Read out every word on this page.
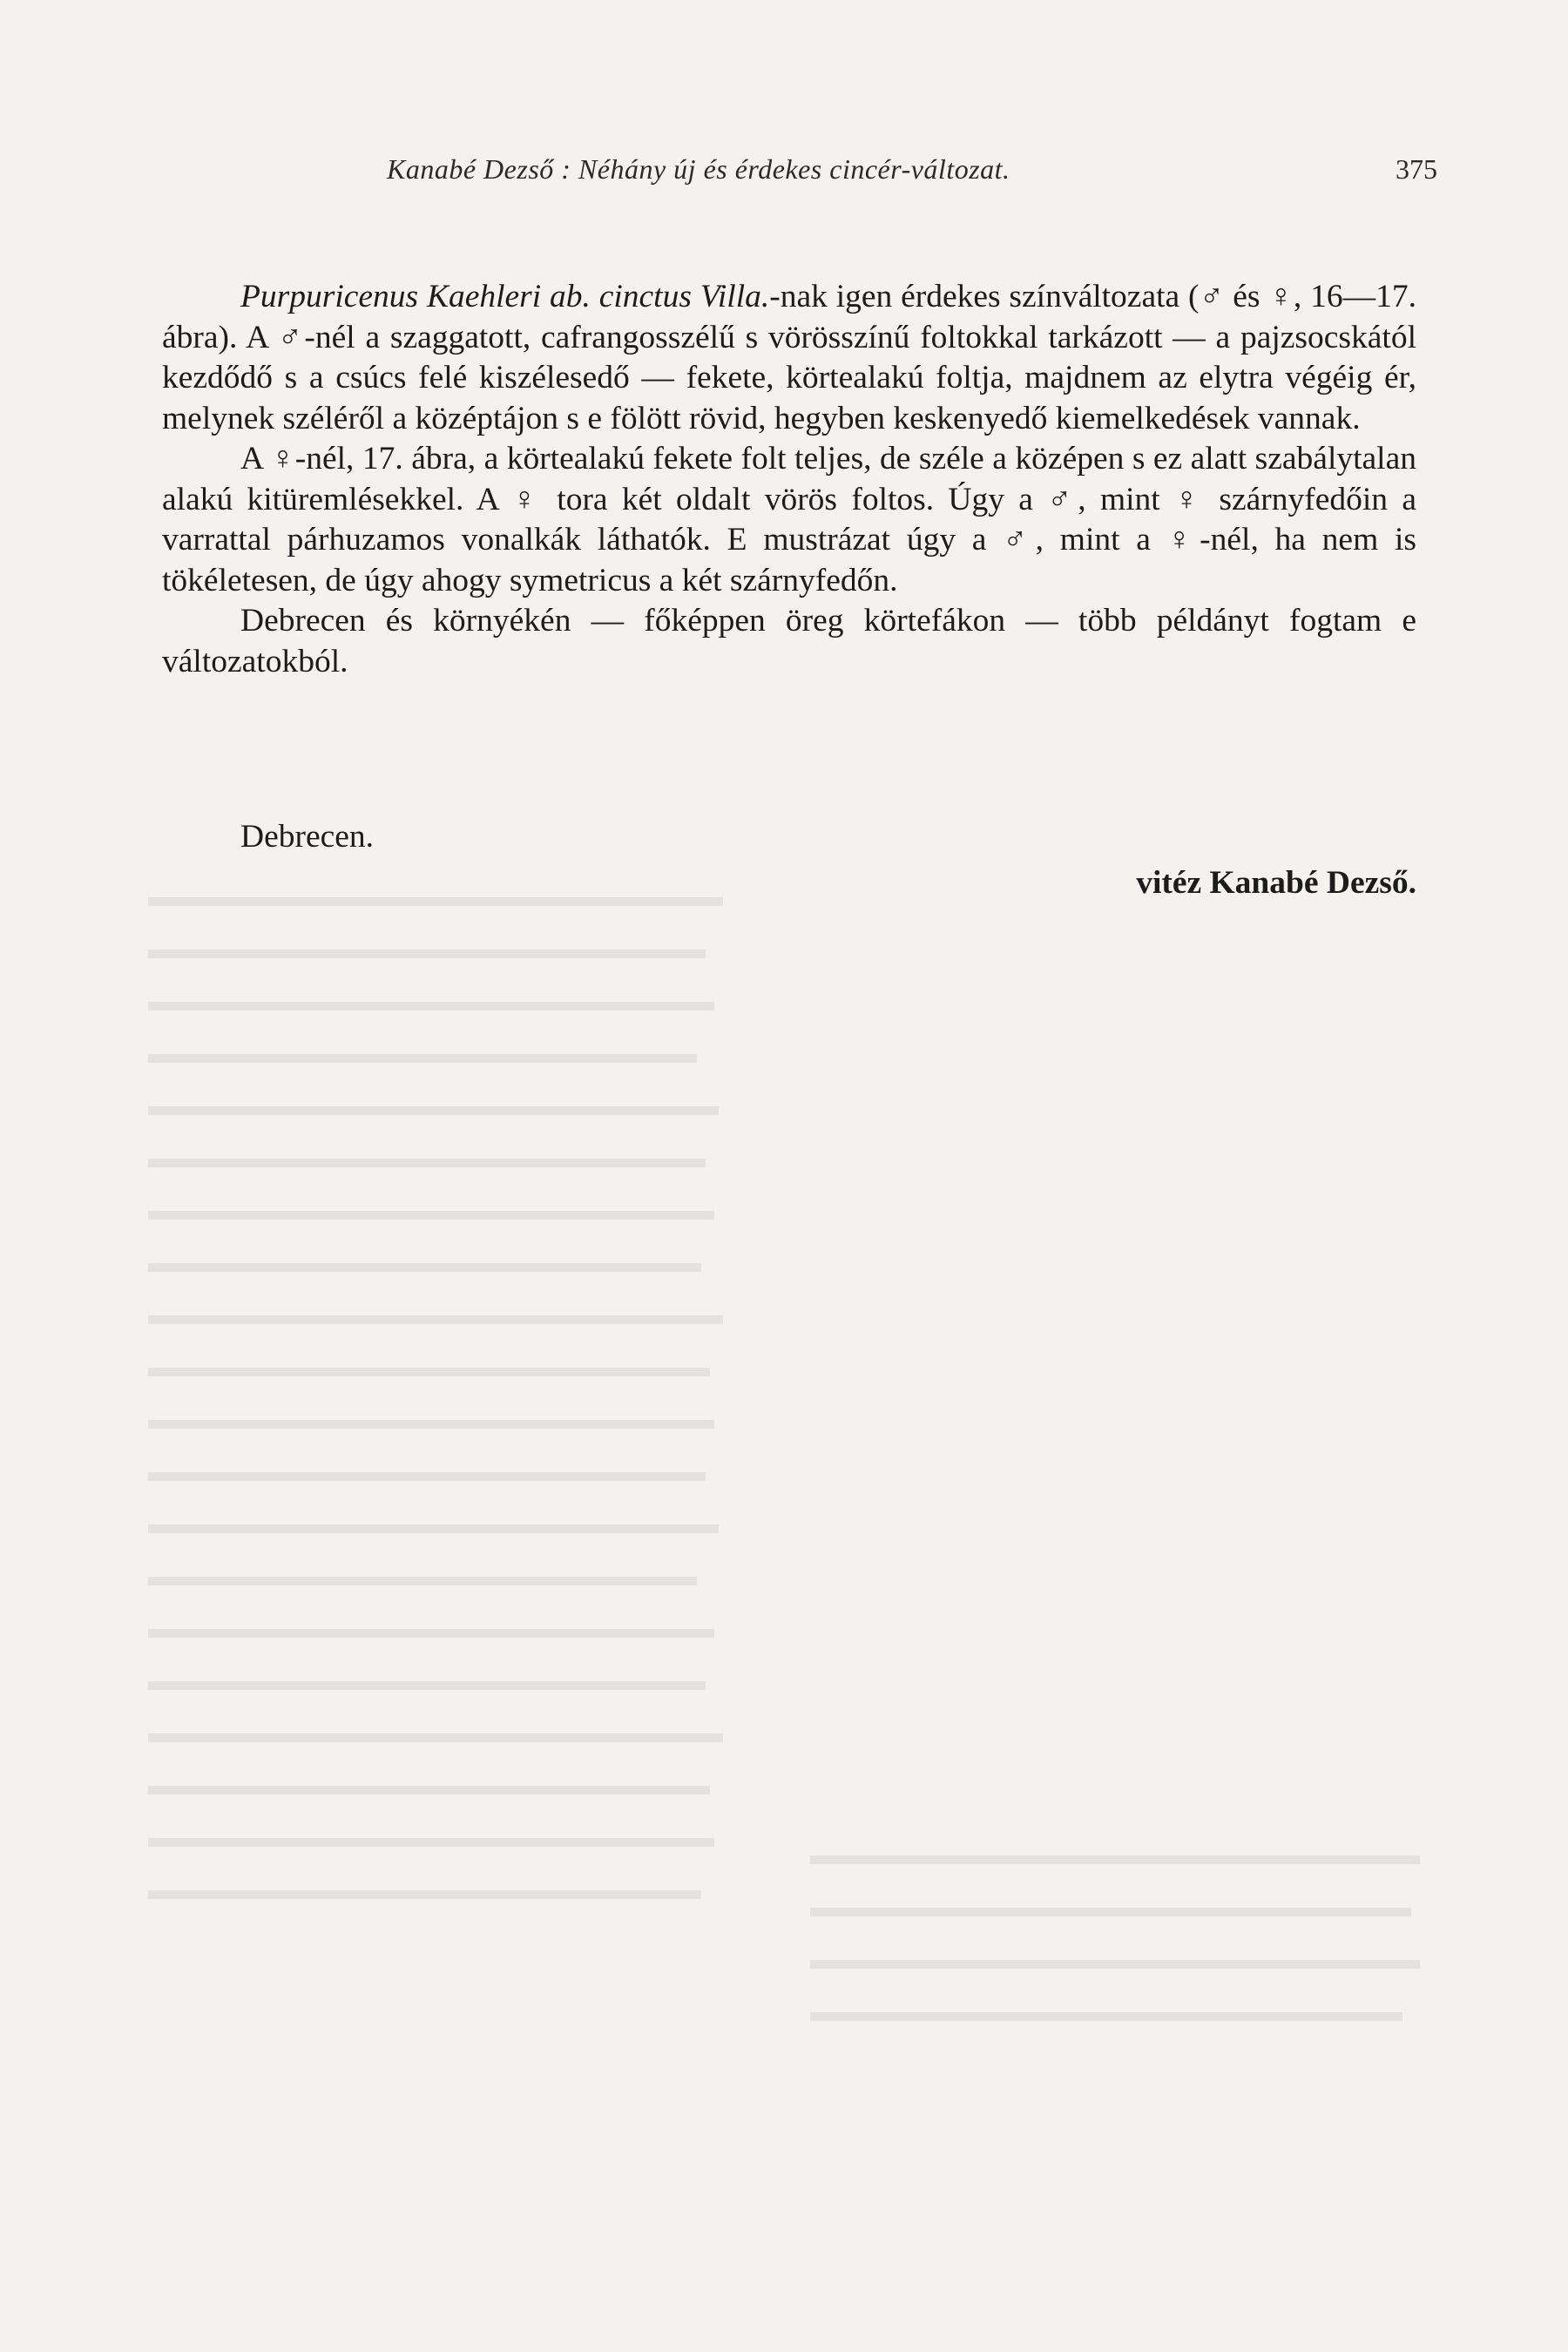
Kanabé Dezső : Néhány új és érdekes cincér-változat.	375

Purpuricenus Kaehleri ab. cinctus Villa.-nak igen érdekes színváltozata (♂ és ♀, 16—17. ábra). A ♂-nél a szaggatott, cafrangosszélű s vörösszínű foltokkal tarkázott — a pajzsocskától kezdődő s a csúcs felé kiszélesedő — fekete, körtealakú foltja, majdnem az elytra végéig ér, melynek széléről a középtájon s e fölött rövid, hegyben keskenyedő kiemelkedések vannak.

A ♀-nél, 17. ábra, a körtealakú fekete folt teljes, de széle a középen s ez alatt szabálytalan alakú kitüremlésekkel. A ♀ tora két oldalt vörös foltos. Úgy a ♂, mint ♀ szárnyfedőin a varrattal párhuzamos vonalkák láthatók. E mustrázat úgy a ♂, mint a ♀-nél, ha nem is tökéletesen, de úgy ahogy symetricus a két szárnyfedőn.

Debrecen és környékén — főképpen öreg körtefákon — több példányt fogtam e változatokból.

Debrecen.
vitéz Kanabé Dezső.
